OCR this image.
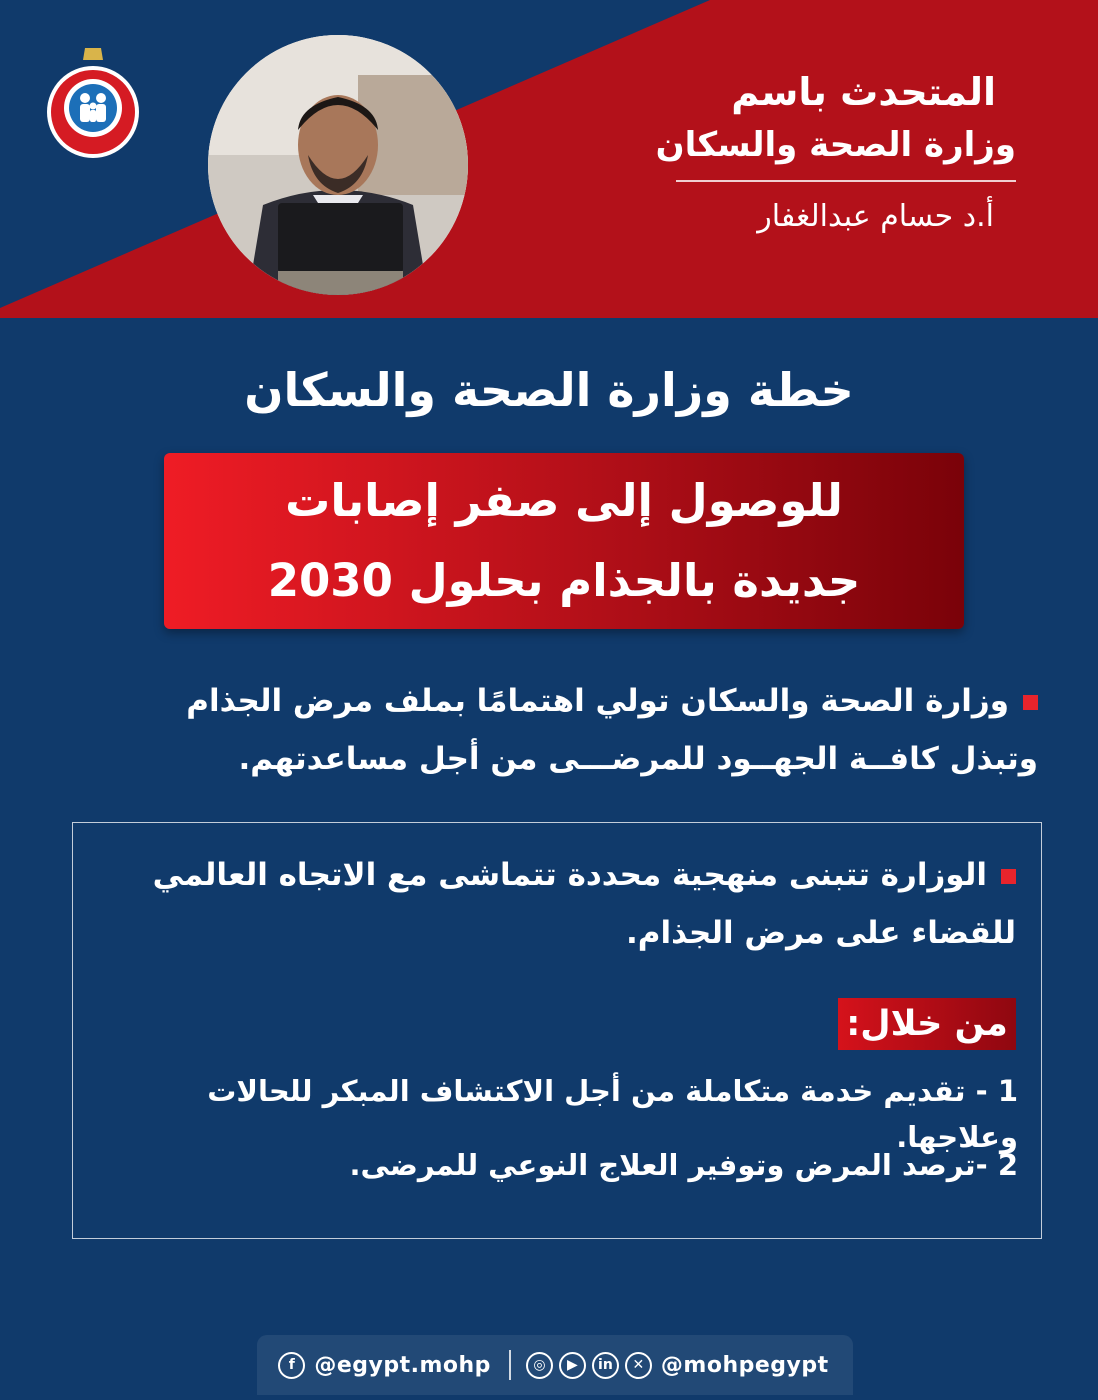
المتحدث باسم
وزارة الصحة والسكان
أ.د حسام عبدالغفار
خطة وزارة الصحة والسكان
للوصول إلى صفر إصابات
جديدة بالجذام بحلول 2030
وزارة الصحة والسكان تولي اهتمامًا بملف مرض الجذام وتبذل كافــة الجهــود للمرضـــى من أجل مساعدتهم.
الوزارة تتبنى منهجية محددة تتماشى مع الاتجاه العالمي للقضاء على مرض الجذام.
من خلال:
1 - تقديم خدمة متكاملة من أجل الاكتشاف المبكر للحالات وعلاجها.
2 -ترصد المرض وتوفير العلاج النوعي للمرضى.
f @egypt.mohp	◎	▶	in	✕ @mohpegypt
